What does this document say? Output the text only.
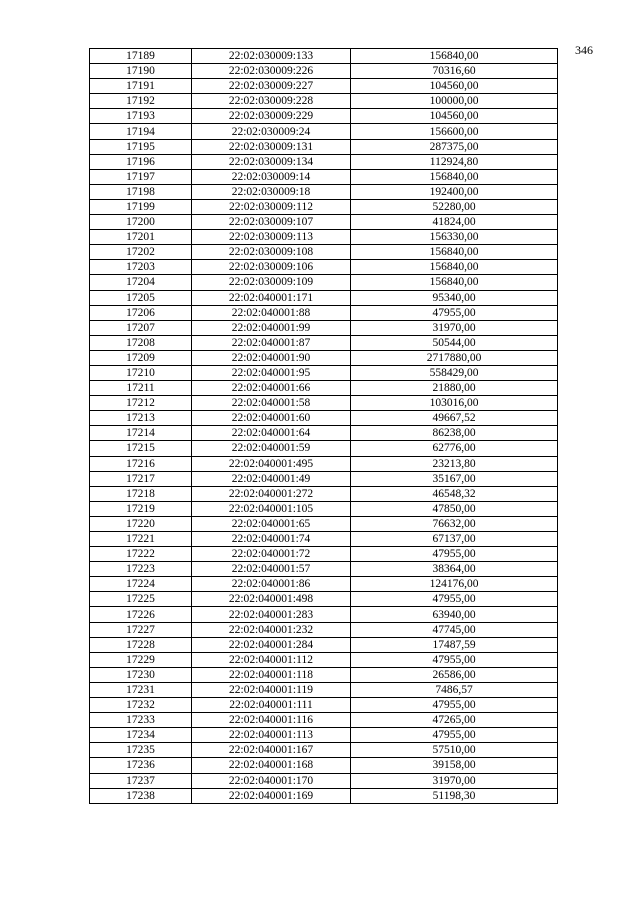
346
17189	22:02:030009:133	156840,00
17190	22:02:030009:226	70316,60
17191	22:02:030009:227	104560,00
17192	22:02:030009:228	100000,00
17193	22:02:030009:229	104560,00
17194	22:02:030009:24	156600,00
17195	22:02:030009:131	287375,00
17196	22:02:030009:134	112924,80
17197	22:02:030009:14	156840,00
17198	22:02:030009:18	192400,00
17199	22:02:030009:112	52280,00
17200	22:02:030009:107	41824,00
17201	22:02:030009:113	156330,00
17202	22:02:030009:108	156840,00
17203	22:02:030009:106	156840,00
17204	22:02:030009:109	156840,00
17205	22:02:040001:171	95340,00
17206	22:02:040001:88	47955,00
17207	22:02:040001:99	31970,00
17208	22:02:040001:87	50544,00
17209	22:02:040001:90	2717880,00
17210	22:02:040001:95	558429,00
17211	22:02:040001:66	21880,00
17212	22:02:040001:58	103016,00
17213	22:02:040001:60	49667,52
17214	22:02:040001:64	86238,00
17215	22:02:040001:59	62776,00
17216	22:02:040001:495	23213,80
17217	22:02:040001:49	35167,00
17218	22:02:040001:272	46548,32
17219	22:02:040001:105	47850,00
17220	22:02:040001:65	76632,00
17221	22:02:040001:74	67137,00
17222	22:02:040001:72	47955,00
17223	22:02:040001:57	38364,00
17224	22:02:040001:86	124176,00
17225	22:02:040001:498	47955,00
17226	22:02:040001:283	63940,00
17227	22:02:040001:232	47745,00
17228	22:02:040001:284	17487,59
17229	22:02:040001:112	47955,00
17230	22:02:040001:118	26586,00
17231	22:02:040001:119	7486,57
17232	22:02:040001:111	47955,00
17233	22:02:040001:116	47265,00
17234	22:02:040001:113	47955,00
17235	22:02:040001:167	57510,00
17236	22:02:040001:168	39158,00
17237	22:02:040001:170	31970,00
17238	22:02:040001:169	51198,30
